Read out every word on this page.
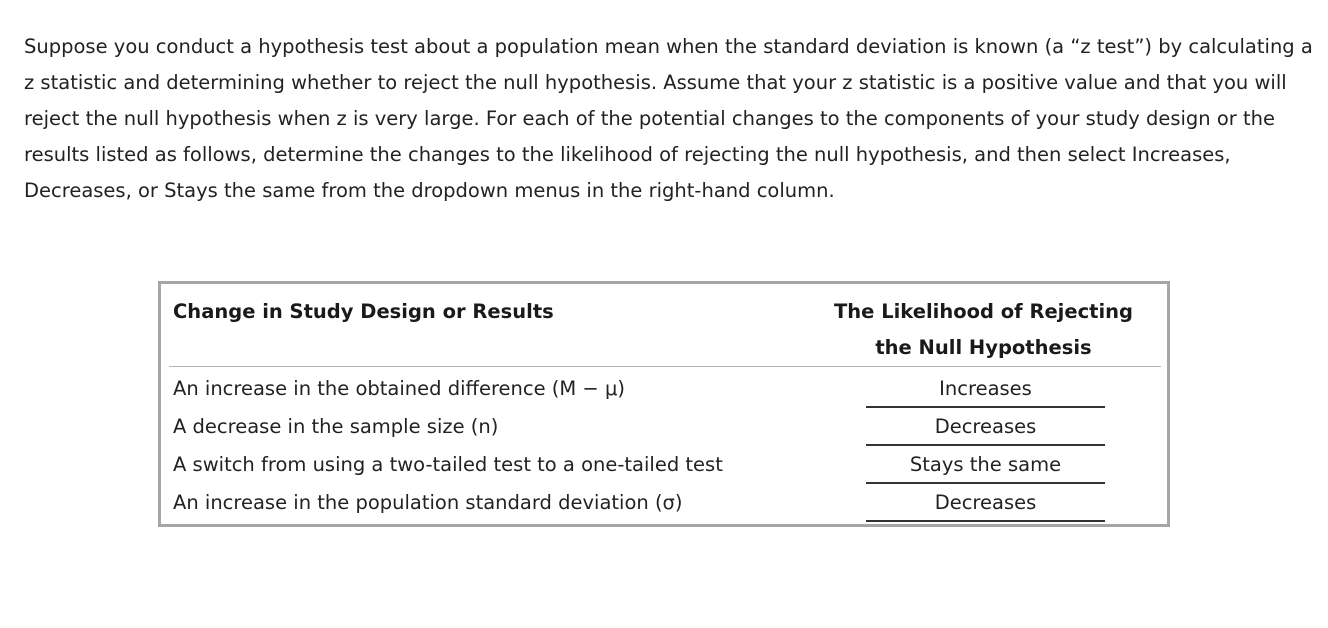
Suppose you conduct a hypothesis test about a population mean when the standard deviation is known (a “z test”) by calculating a z statistic and determining whether to reject the null hypothesis. Assume that your z statistic is a positive value and that you will reject the null hypothesis when z is very large. For each of the potential changes to the components of your study design or the results listed as follows, determine the changes to the likelihood of rejecting the null hypothesis, and then select Increases, Decreases, or Stays the same from the dropdown menus in the right-hand column.

Change in Study Design or Results	The Likelihood of Rejecting
the Null Hypothesis
An increase in the obtained difference (M − μ)	Increases
A decrease in the sample size (n)	Decreases
A switch from using a two-tailed test to a one-tailed test	Stays the same
An increase in the population standard deviation (σ)	Decreases
